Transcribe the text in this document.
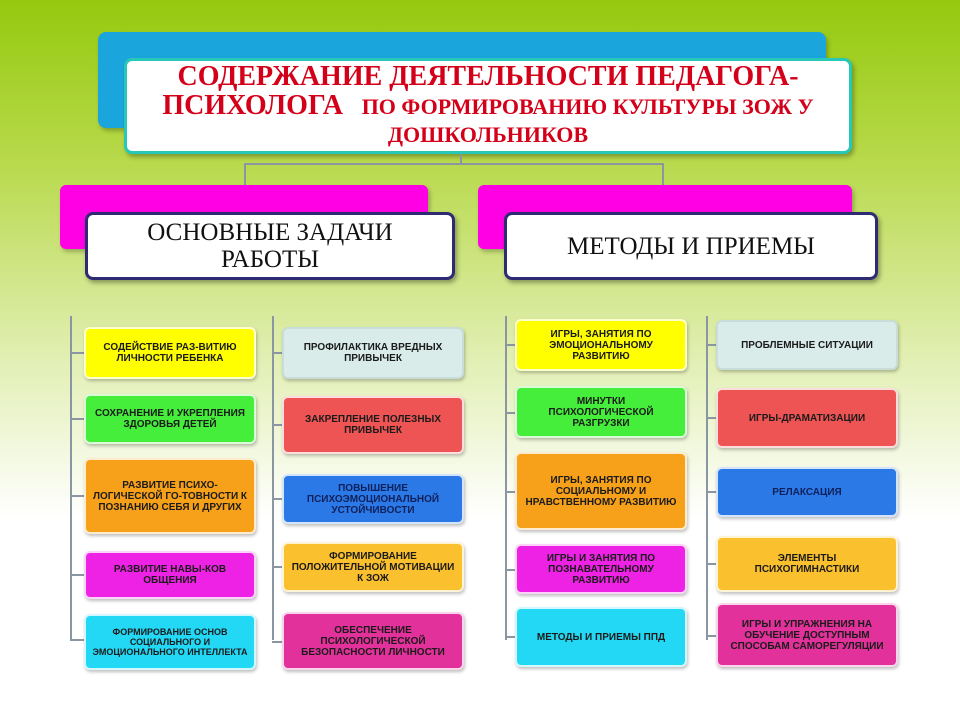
СОДЕРЖАНИЕ ДЕЯТЕЛЬНОСТИ ПЕДАГОГА-
ПСИХОЛОГА ПО ФОРМИРОВАНИЮ КУЛЬТУРЫ ЗОЖ У
ДОШКОЛЬНИКОВ
ОСНОВНЫЕ ЗАДАЧИ РАБОТЫ	МЕТОДЫ И ПРИЕМЫ
СОДЕЙСТВИЕ РАЗ-ВИТИЮ ЛИЧНОСТИ РЕБЕНКА
СОХРАНЕНИЕ И УКРЕПЛЕНИЯ ЗДОРОВЬЯ ДЕТЕЙ
РАЗВИТИЕ ПСИХО-ЛОГИЧЕСКОЙ ГО-ТОВНОСТИ К ПОЗНАНИЮ СЕБЯ И ДРУГИХ
РАЗВИТИЕ НАВЫ-КОВ ОБЩЕНИЯ
ФОРМИРОВАНИЕ ОСНОВ СОЦИАЛЬНОГО И ЭМОЦИОНАЛЬНОГО ИНТЕЛЛЕКТА
ПРОФИЛАКТИКА ВРЕДНЫХ ПРИВЫЧЕК
ЗАКРЕПЛЕНИЕ ПОЛЕЗНЫХ ПРИВЫЧЕК
ПОВЫШЕНИЕ ПСИХОЭМОЦИОНАЛЬНОЙ УСТОЙЧИВОСТИ
ФОРМИРОВАНИЕ ПОЛОЖИТЕЛЬНОЙ МОТИВАЦИИ К ЗОЖ
ОБЕСПЕЧЕНИЕ ПСИХОЛОГИЧЕСКОЙ БЕЗОПАСНОСТИ ЛИЧНОСТИ
ИГРЫ, ЗАНЯТИЯ ПО ЭМОЦИОНАЛЬНОМУ РАЗВИТИЮ
МИНУТКИ ПСИХОЛОГИЧЕСКОЙ РАЗГРУЗКИ
ИГРЫ, ЗАНЯТИЯ ПО СОЦИАЛЬНОМУ И НРАВСТВЕННОМУ РАЗВИТИЮ
ИГРЫ И ЗАНЯТИЯ ПО ПОЗНАВАТЕЛЬНОМУ РАЗВИТИЮ
МЕТОДЫ И ПРИЕМЫ ППД
ПРОБЛЕМНЫЕ СИТУАЦИИ
ИГРЫ-ДРАМАТИЗАЦИИ
РЕЛАКСАЦИЯ
ЭЛЕМЕНТЫ ПСИХОГИМНАСТИКИ
ИГРЫ И УПРАЖНЕНИЯ НА ОБУЧЕНИЕ ДОСТУПНЫМ СПОСОБАМ САМОРЕГУЛЯЦИИ
